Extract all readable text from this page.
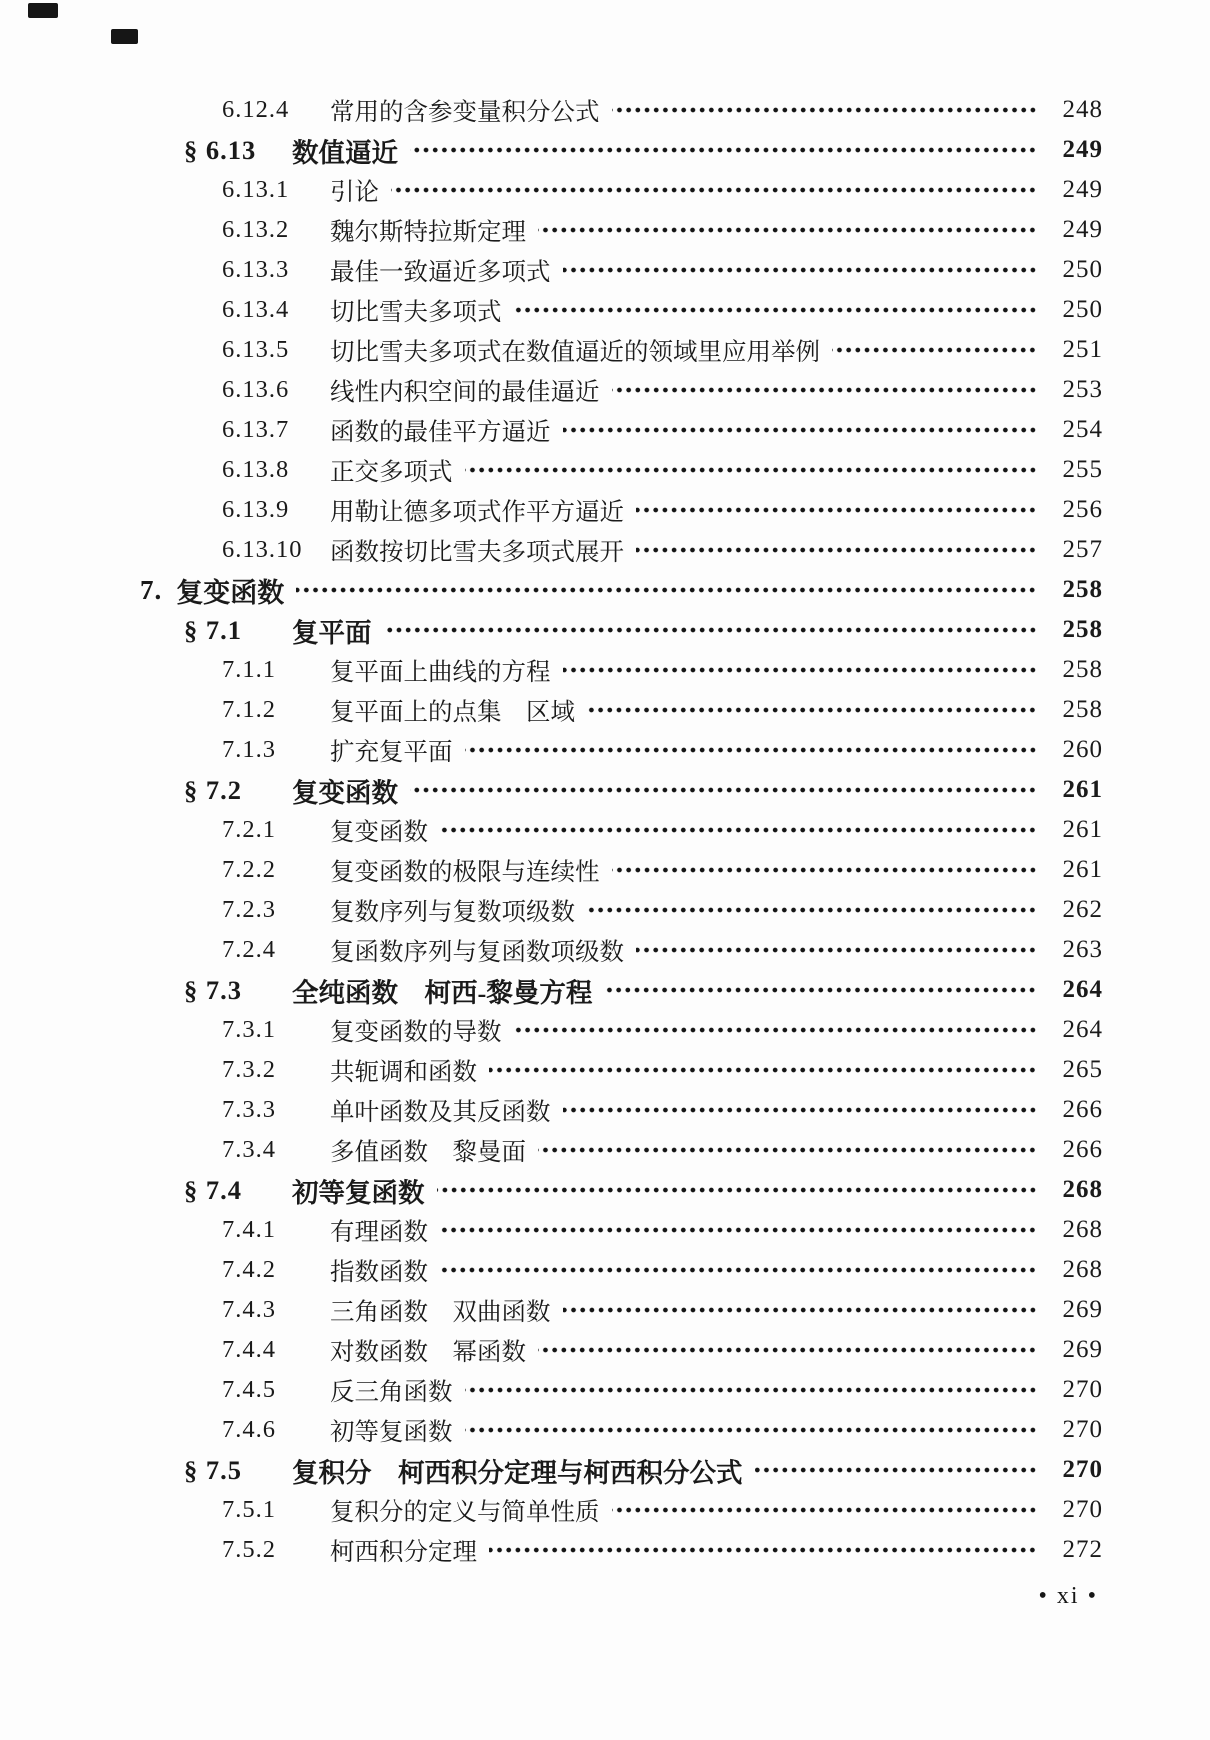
6.12.4	常用的含参变量积分公式	248
§ 6.13	数值逼近	249
6.13.1	引论	249
6.13.2	魏尔斯特拉斯定理	249
6.13.3	最佳一致逼近多项式	250
6.13.4	切比雪夫多项式	250
6.13.5	切比雪夫多项式在数值逼近的领域里应用举例	251
6.13.6	线性内积空间的最佳逼近	253
6.13.7	函数的最佳平方逼近	254
6.13.8	正交多项式	255
6.13.9	用勒让德多项式作平方逼近	256
6.13.10	函数按切比雪夫多项式展开	257
7. 复变函数	258
§ 7.1	复平面	258
7.1.1	复平面上曲线的方程	258
7.1.2	复平面上的点集　区域	258
7.1.3	扩充复平面	260
§ 7.2	复变函数	261
7.2.1	复变函数	261
7.2.2	复变函数的极限与连续性	261
7.2.3	复数序列与复数项级数	262
7.2.4	复函数序列与复函数项级数	263
§ 7.3	全纯函数　柯西-黎曼方程	264
7.3.1	复变函数的导数	264
7.3.2	共轭调和函数	265
7.3.3	单叶函数及其反函数	266
7.3.4	多值函数　黎曼面	266
§ 7.4	初等复函数	268
7.4.1	有理函数	268
7.4.2	指数函数	268
7.4.3	三角函数　双曲函数	269
7.4.4	对数函数　幂函数	269
7.4.5	反三角函数	270
7.4.6	初等复函数	270
§ 7.5	复积分　柯西积分定理与柯西积分公式	270
7.5.1	复积分的定义与简单性质	270
7.5.2	柯西积分定理	272
• xi •
